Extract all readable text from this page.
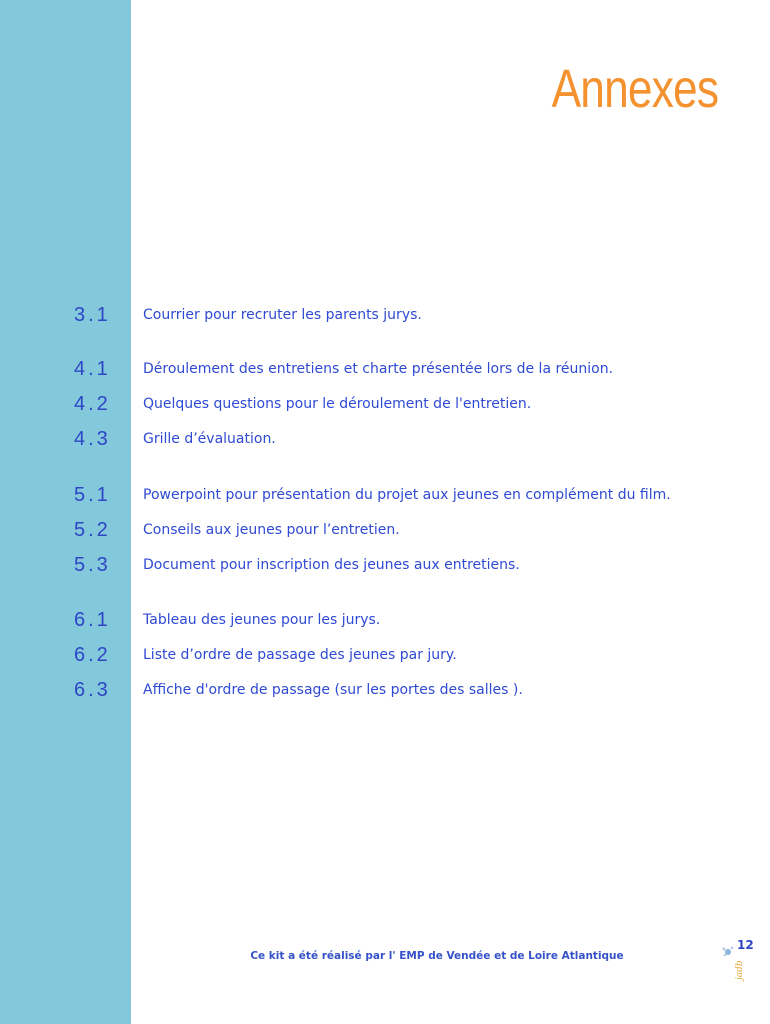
Annexes
3.1 Courrier pour recruter les parents jurys.
4.1 Déroulement des entretiens et charte présentée lors de la réunion.
4.2 Quelques questions pour le déroulement de l'entretien.
4.3 Grille d’évaluation.
5.1 Powerpoint pour présentation du projet aux jeunes en complément du film.
5.2 Conseils aux jeunes pour l’entretien.
5.3 Document pour inscription des jeunes aux entretiens.
6.1 Tableau des jeunes pour les jurys.
6.2 Liste d’ordre de passage des jeunes par jury.
6.3 Affiche d'ordre de passage (sur les portes des salles ).
Ce kit a été réalisé par l' EMP de Vendée et de Loire Atlantique
12
jadb
